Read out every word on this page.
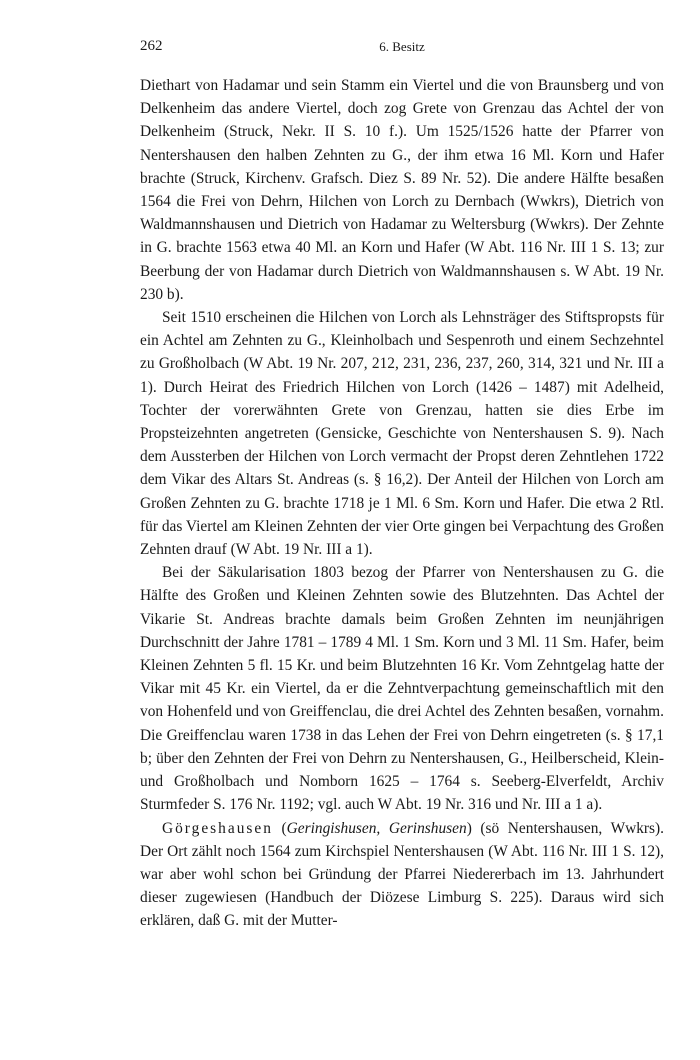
262	6. Besitz

Diethart von Hadamar und sein Stamm ein Viertel und die von Braunsberg und von Delkenheim das andere Viertel, doch zog Grete von Grenzau das Achtel der von Delkenheim (Struck, Nekr. II S. 10 f.). Um 1525/1526 hatte der Pfarrer von Nentershausen den halben Zehnten zu G., der ihm etwa 16 Ml. Korn und Hafer brachte (Struck, Kirchenv. Grafsch. Diez S. 89 Nr. 52). Die andere Hälfte besaßen 1564 die Frei von Dehrn, Hilchen von Lorch zu Dernbach (Wwkrs), Dietrich von Waldmannshausen und Dietrich von Hadamar zu Weltersburg (Wwkrs). Der Zehnte in G. brachte 1563 etwa 40 Ml. an Korn und Hafer (W Abt. 116 Nr. III 1 S. 13; zur Beerbung der von Hadamar durch Dietrich von Waldmannshausen s. W Abt. 19 Nr. 230 b).

Seit 1510 erscheinen die Hilchen von Lorch als Lehnsträger des Stiftspropsts für ein Achtel am Zehnten zu G., Kleinholbach und Sespenroth und einem Sechzehntel zu Großholbach (W Abt. 19 Nr. 207, 212, 231, 236, 237, 260, 314, 321 und Nr. III a 1). Durch Heirat des Friedrich Hilchen von Lorch (1426 – 1487) mit Adelheid, Tochter der vorerwähnten Grete von Grenzau, hatten sie dies Erbe im Propsteizehnten angetreten (Gensicke, Geschichte von Nentershausen S. 9). Nach dem Aussterben der Hilchen von Lorch vermacht der Propst deren Zehntlehen 1722 dem Vikar des Altars St. Andreas (s. § 16,2). Der Anteil der Hilchen von Lorch am Großen Zehnten zu G. brachte 1718 je 1 Ml. 6 Sm. Korn und Hafer. Die etwa 2 Rtl. für das Viertel am Kleinen Zehnten der vier Orte gingen bei Verpachtung des Großen Zehnten drauf (W Abt. 19 Nr. III a 1).

Bei der Säkularisation 1803 bezog der Pfarrer von Nentershausen zu G. die Hälfte des Großen und Kleinen Zehnten sowie des Blutzehnten. Das Achtel der Vikarie St. Andreas brachte damals beim Großen Zehnten im neunjährigen Durchschnitt der Jahre 1781 – 1789 4 Ml. 1 Sm. Korn und 3 Ml. 11 Sm. Hafer, beim Kleinen Zehnten 5 fl. 15 Kr. und beim Blutzehnten 16 Kr. Vom Zehntgelag hatte der Vikar mit 45 Kr. ein Viertel, da er die Zehntverpachtung gemeinschaftlich mit den von Hohenfeld und von Greiffenclau, die drei Achtel des Zehnten besaßen, vornahm. Die Greiffenclau waren 1738 in das Lehen der Frei von Dehrn eingetreten (s. § 17,1 b; über den Zehnten der Frei von Dehrn zu Nentershausen, G., Heilberscheid, Klein- und Großholbach und Nomborn 1625 – 1764 s. Seeberg-Elverfeldt, Archiv Sturmfeder S. 176 Nr. 1192; vgl. auch W Abt. 19 Nr. 316 und Nr. III a 1 a).

Görgeshausen (Geringishusen, Gerinshusen) (sö Nentershausen, Wwkrs). Der Ort zählt noch 1564 zum Kirchspiel Nentershausen (W Abt. 116 Nr. III 1 S. 12), war aber wohl schon bei Gründung der Pfarrei Niedererbach im 13. Jahrhundert dieser zugewiesen (Handbuch der Diözese Limburg S. 225). Daraus wird sich erklären, daß G. mit der Mutter-
